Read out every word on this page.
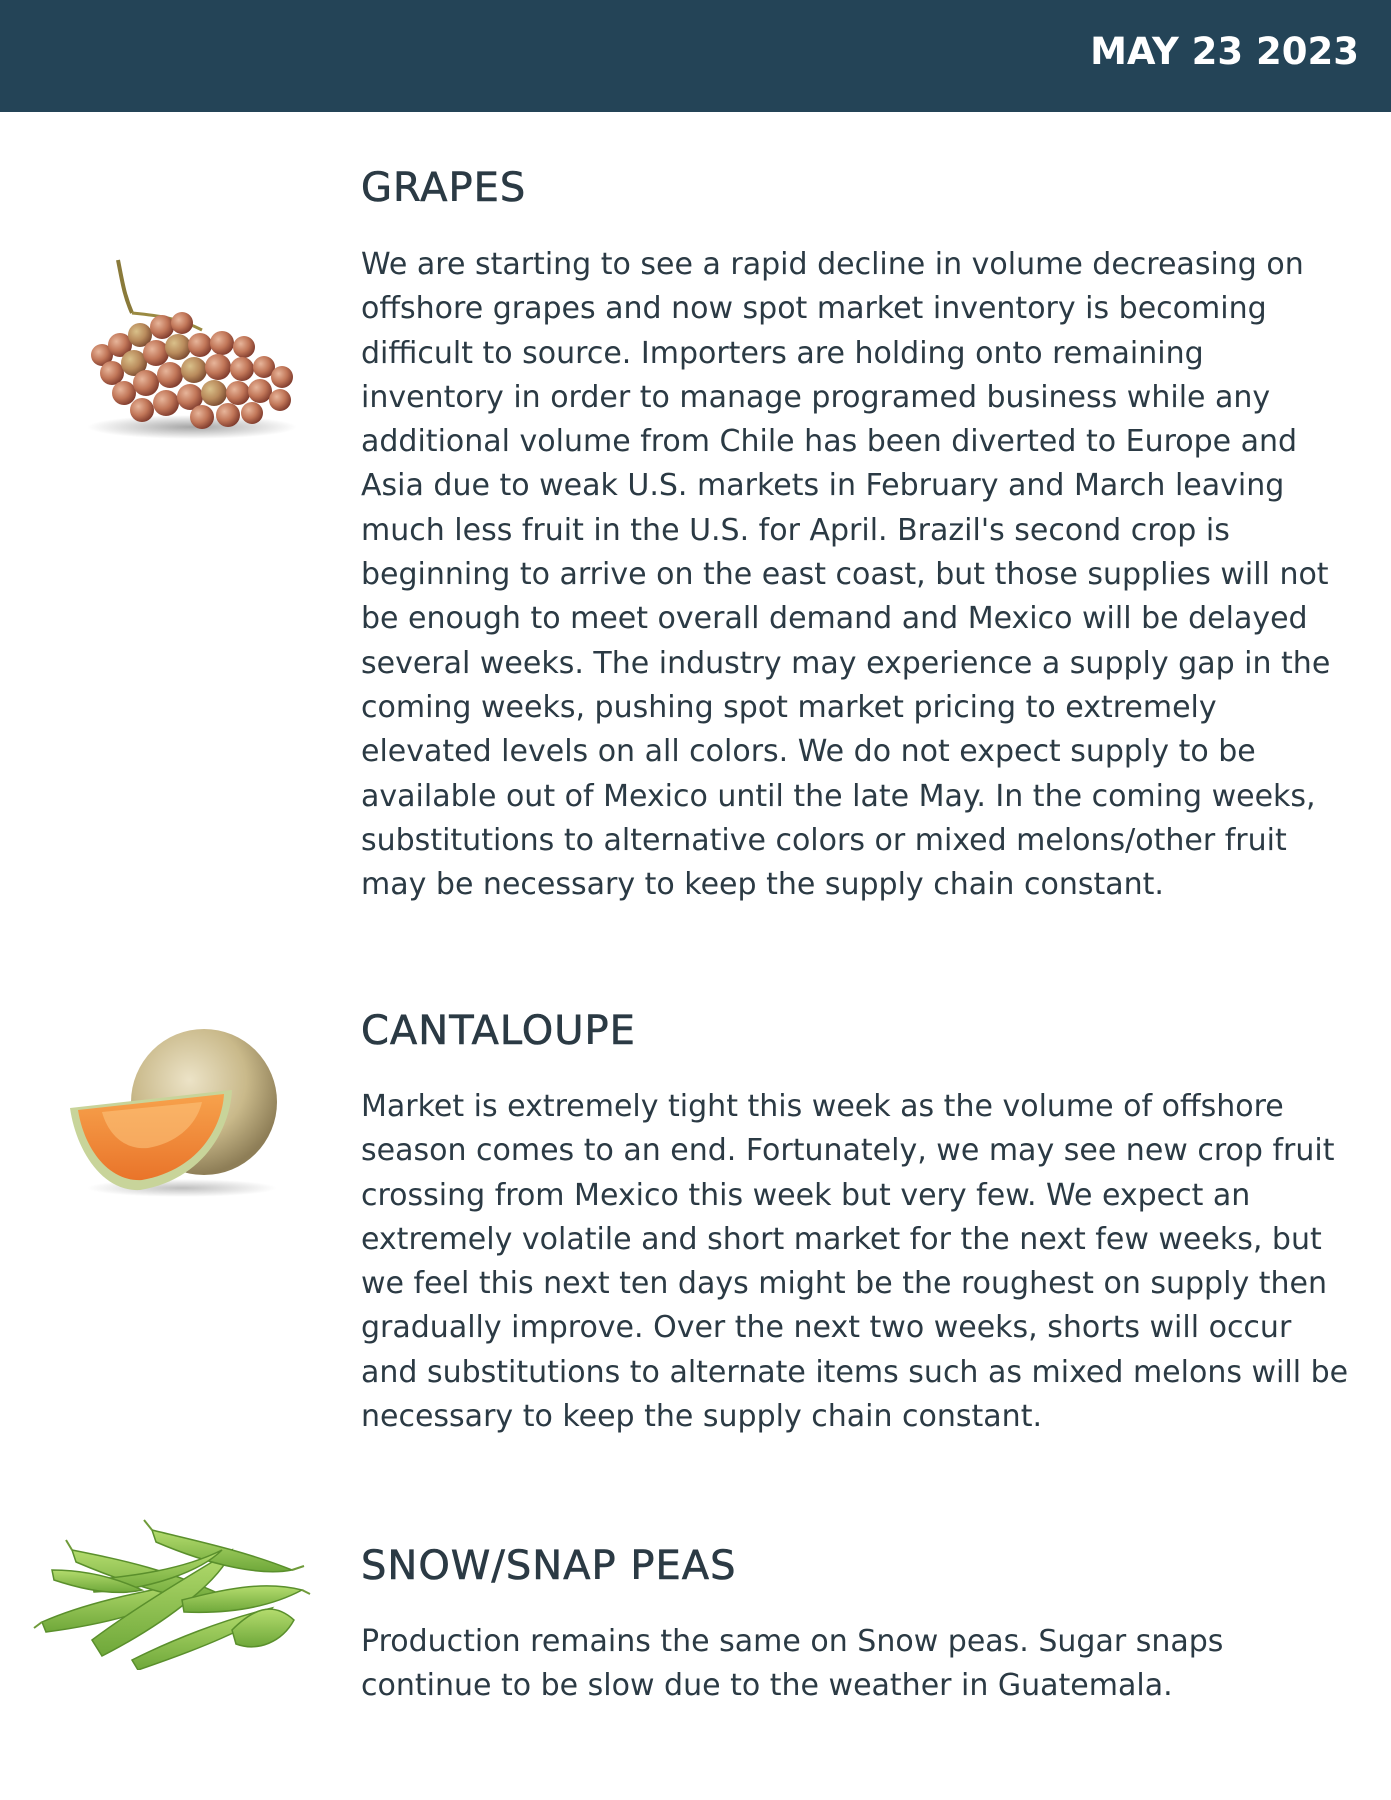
MAY 23 2023
GRAPES

We are starting to see a rapid decline in volume decreasing on offshore grapes and now spot market inventory is becoming difficult to source. Importers are holding onto remaining inventory in order to manage programed business while any additional volume from Chile has been diverted to Europe and Asia due to weak U.S. markets in February and March leaving much less fruit in the U.S. for April. Brazil's second crop is beginning to arrive on the east coast, but those supplies will not be enough to meet overall demand and Mexico will be delayed several weeks. The industry may experience a supply gap in the coming weeks, pushing spot market pricing to extremely elevated levels on all colors. We do not expect supply to be available out of Mexico until the late May. In the coming weeks, substitutions to alternative colors or mixed melons/other fruit may be necessary to keep the supply chain constant.

CANTALOUPE

Market is extremely tight this week as the volume of offshore season comes to an end. Fortunately, we may see new crop fruit crossing from Mexico this week but very few. We expect an extremely volatile and short market for the next few weeks, but we feel this next ten days might be the roughest on supply then gradually improve. Over the next two weeks, shorts will occur and substitutions to alternate items such as mixed melons will be necessary to keep the supply chain constant.

SNOW/SNAP PEAS

Production remains the same on Snow peas. Sugar snaps continue to be slow due to the weather in Guatemala.
